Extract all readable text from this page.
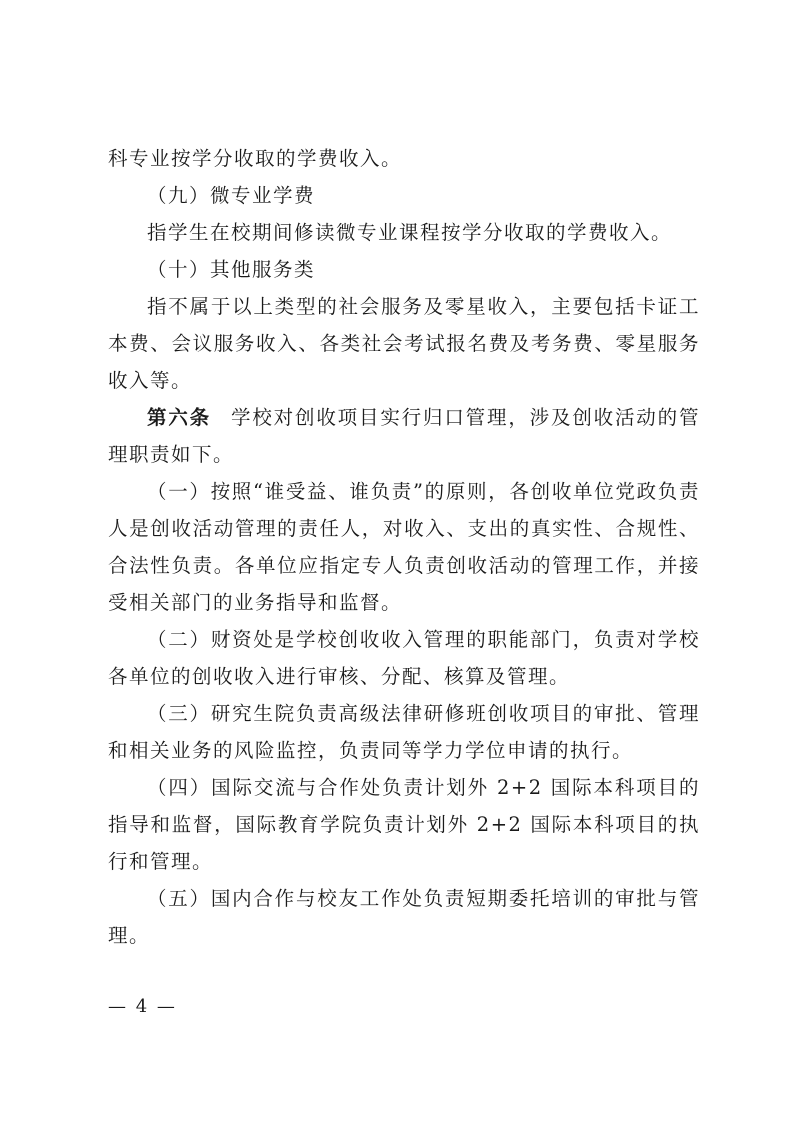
科专业按学分收取的学费收入。

（九）微专业学费

指学生在校期间修读微专业课程按学分收取的学费收入。

（十）其他服务类

指不属于以上类型的社会服务及零星收入，主要包括卡证工本费、会议服务收入、各类社会考试报名费及考务费、零星服务收入等。

第六条 学校对创收项目实行归口管理，涉及创收活动的管理职责如下。

（一）按照“谁受益、谁负责”的原则，各创收单位党政负责人是创收活动管理的责任人，对收入、支出的真实性、合规性、合法性负责。各单位应指定专人负责创收活动的管理工作，并接受相关部门的业务指导和监督。

（二）财资处是学校创收收入管理的职能部门，负责对学校各单位的创收收入进行审核、分配、核算及管理。

（三）研究生院负责高级法律研修班创收项目的审批、管理和相关业务的风险监控，负责同等学力学位申请的执行。

（四）国际交流与合作处负责计划外 2+2 国际本科项目的指导和监督，国际教育学院负责计划外 2+2 国际本科项目的执行和管理。

（五）国内合作与校友工作处负责短期委托培训的审批与管理。

— 4 —
